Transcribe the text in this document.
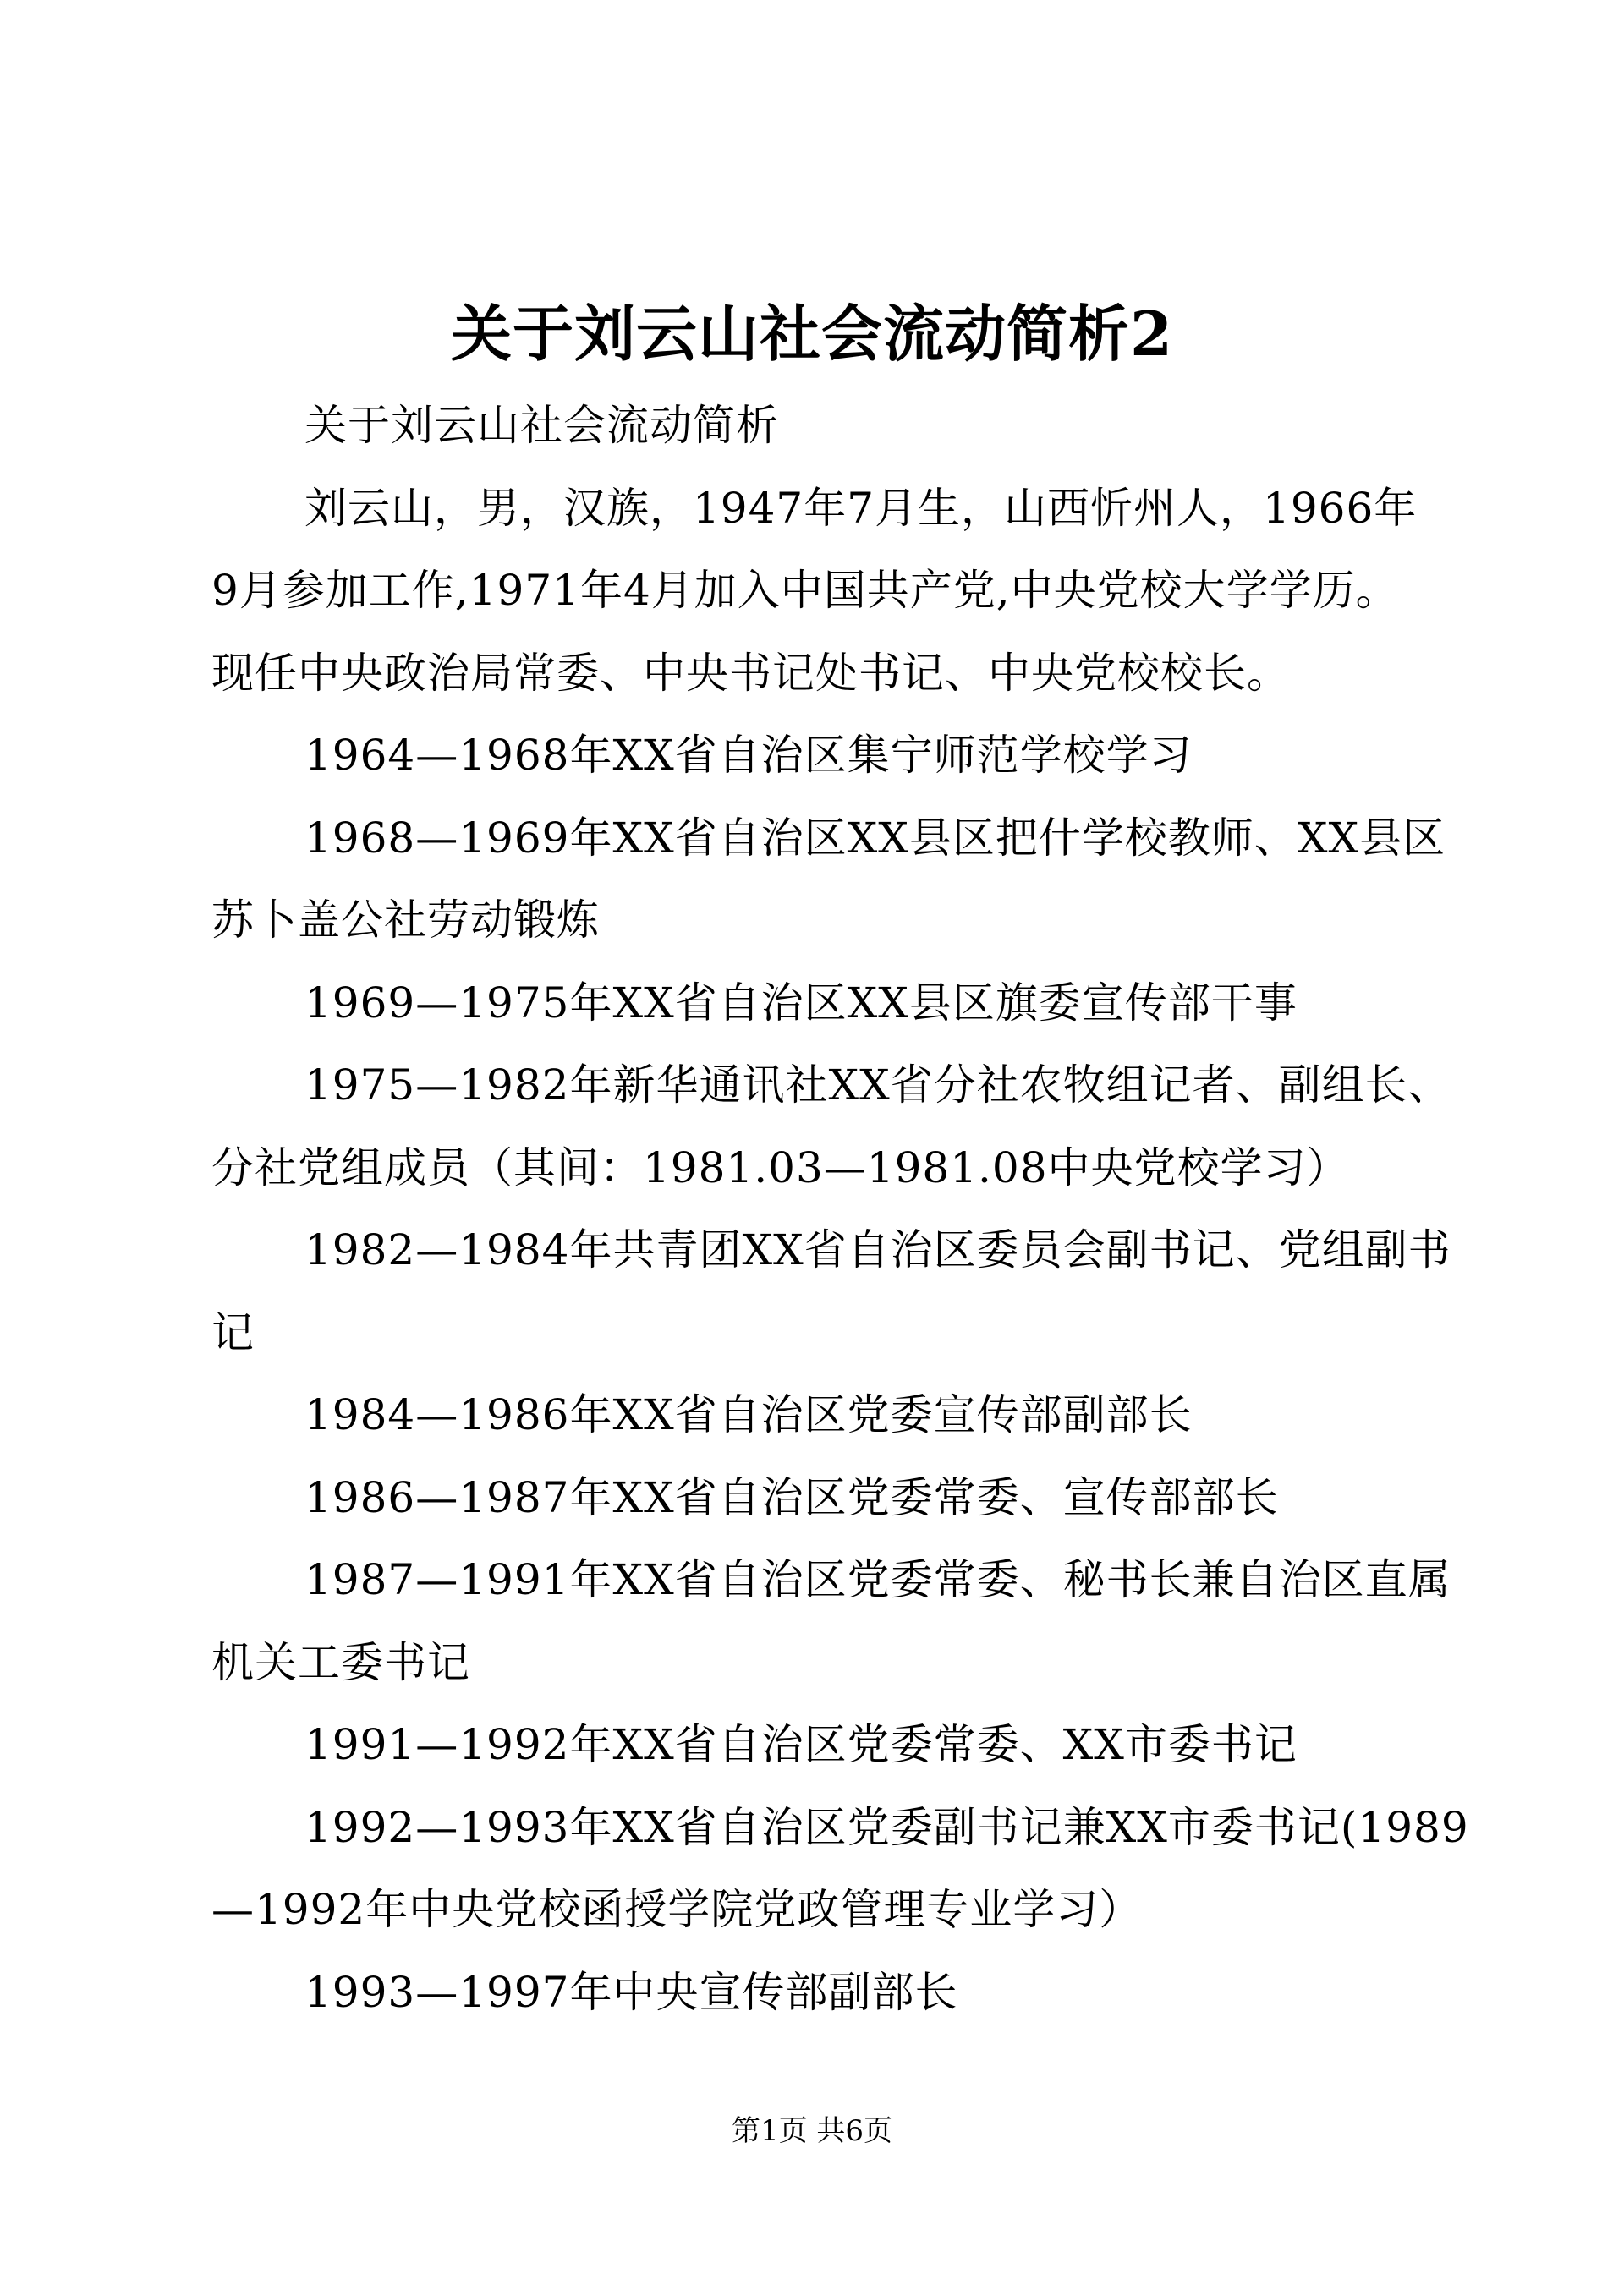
关于刘云山社会流动简析2
关于刘云山社会流动简析
刘云山，男，汉族，1947年7月生，山西忻州人，1966年
9月参加工作,1971年4月加入中国共产党,中央党校大学学历。
现任中央政治局常委、中央书记处书记、中央党校校长。
1964—1968年XX省自治区集宁师范学校学习
1968—1969年XX省自治区XX县区把什学校教师、XX县区
苏卜盖公社劳动锻炼
1969—1975年XX省自治区XX县区旗委宣传部干事
1975—1982年新华通讯社XX省分社农牧组记者、副组长、
分社党组成员（其间：1981.03—1981.08中央党校学习）
1982—1984年共青团XX省自治区委员会副书记、党组副书
记
1984—1986年XX省自治区党委宣传部副部长
1986—1987年XX省自治区党委常委、宣传部部长
1987—1991年XX省自治区党委常委、秘书长兼自治区直属
机关工委书记
1991—1992年XX省自治区党委常委、XX市委书记
1992—1993年XX省自治区党委副书记兼XX市委书记(1989
—1992年中央党校函授学院党政管理专业学习）
1993—1997年中央宣传部副部长
第1页 共6页
